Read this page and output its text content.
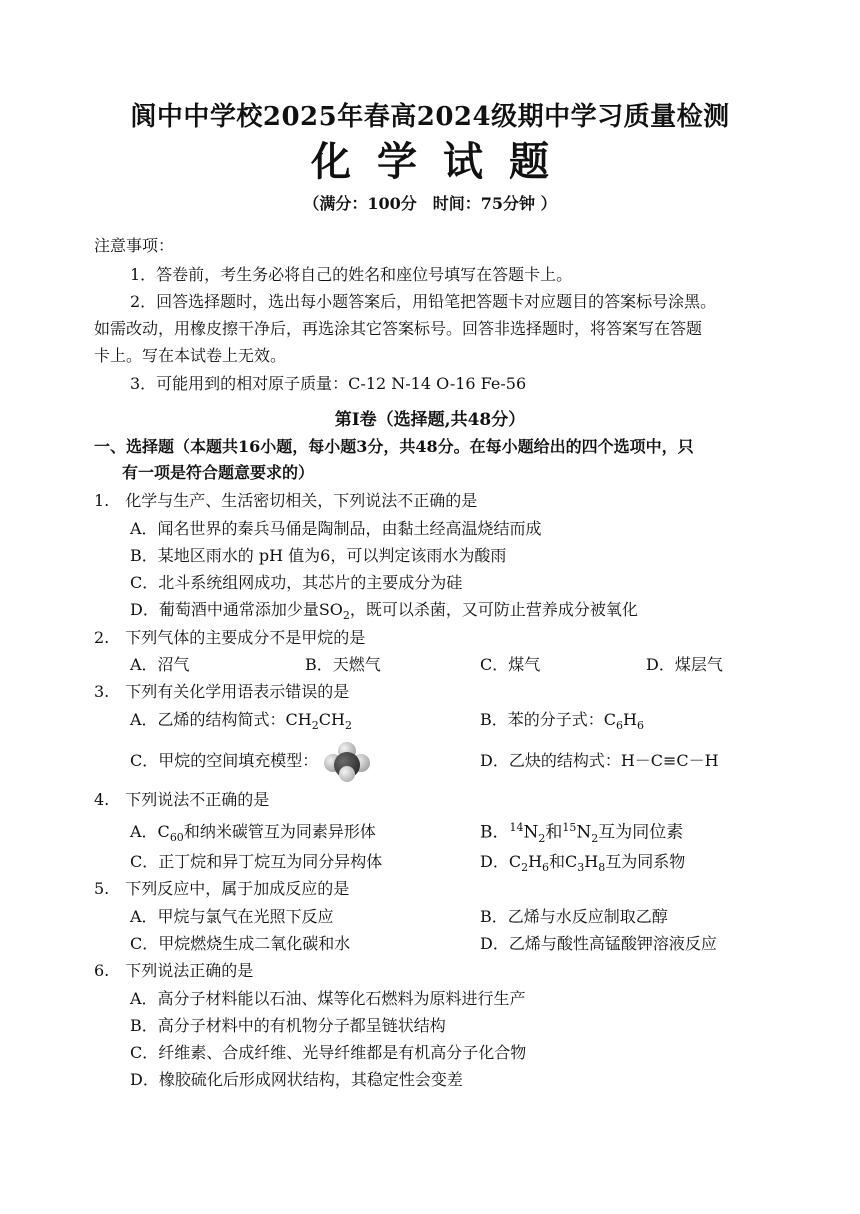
阆中中学校2025年春高2024级期中学习质量检测
化学试题
（满分：100分　时间：75分钟 ）
注意事项：
1．答卷前，考生务必将自己的姓名和座位号填写在答题卡上。
2．回答选择题时，选出每小题答案后，用铅笔把答题卡对应题目的答案标号涂黑。
如需改动，用橡皮擦干净后，再选涂其它答案标号。回答非选择题时，将答案写在答题
卡上。写在本试卷上无效。
3．可能用到的相对原子质量：C-12 N-14 O-16 Fe-56
第Ⅰ卷（选择题,共48分）
一、选择题（本题共16小题，每小题3分，共48分。在每小题给出的四个选项中，只
有一项是符合题意要求的）
1.　化学与生产、生活密切相关，下列说法不正确的是
A．闻名世界的秦兵马俑是陶制品，由黏土经高温烧结而成
B．某地区雨水的 pH 值为6，可以判定该雨水为酸雨
C．北斗系统组网成功，其芯片的主要成分为硅
D．葡萄酒中通常添加少量$SO_2$，既可以杀菌，又可防止营养成分被氧化
2.　下列气体的主要成分不是甲烷的是
A．沼气	B．天燃气	C．煤气	D．煤层气
3.　下列有关化学用语表示错误的是
A．乙烯的结构简式：$CH_2CH_2$	B．苯的分子式：$C_6H_6$
C．甲烷的空间填充模型：	D．乙炔的结构式：H－C≡C－H
4.　下列说法不正确的是
A．$C_{60}$和纳米碳管互为同素异形体	B．$^{14}N_2$和$^{15}N_2$互为同位素
C．正丁烷和异丁烷互为同分异构体	D．$C_2H_6$和$C_3H_8$互为同系物
5.　下列反应中，属于加成反应的是
A．甲烷与氯气在光照下反应	B．乙烯与水反应制取乙醇
C．甲烷燃烧生成二氧化碳和水	D．乙烯与酸性高锰酸钾溶液反应
6.　下列说法正确的是
A．高分子材料能以石油、煤等化石燃料为原料进行生产
B．高分子材料中的有机物分子都呈链状结构
C．纤维素、合成纤维、光导纤维都是有机高分子化合物
D．橡胶硫化后形成网状结构，其稳定性会变差
